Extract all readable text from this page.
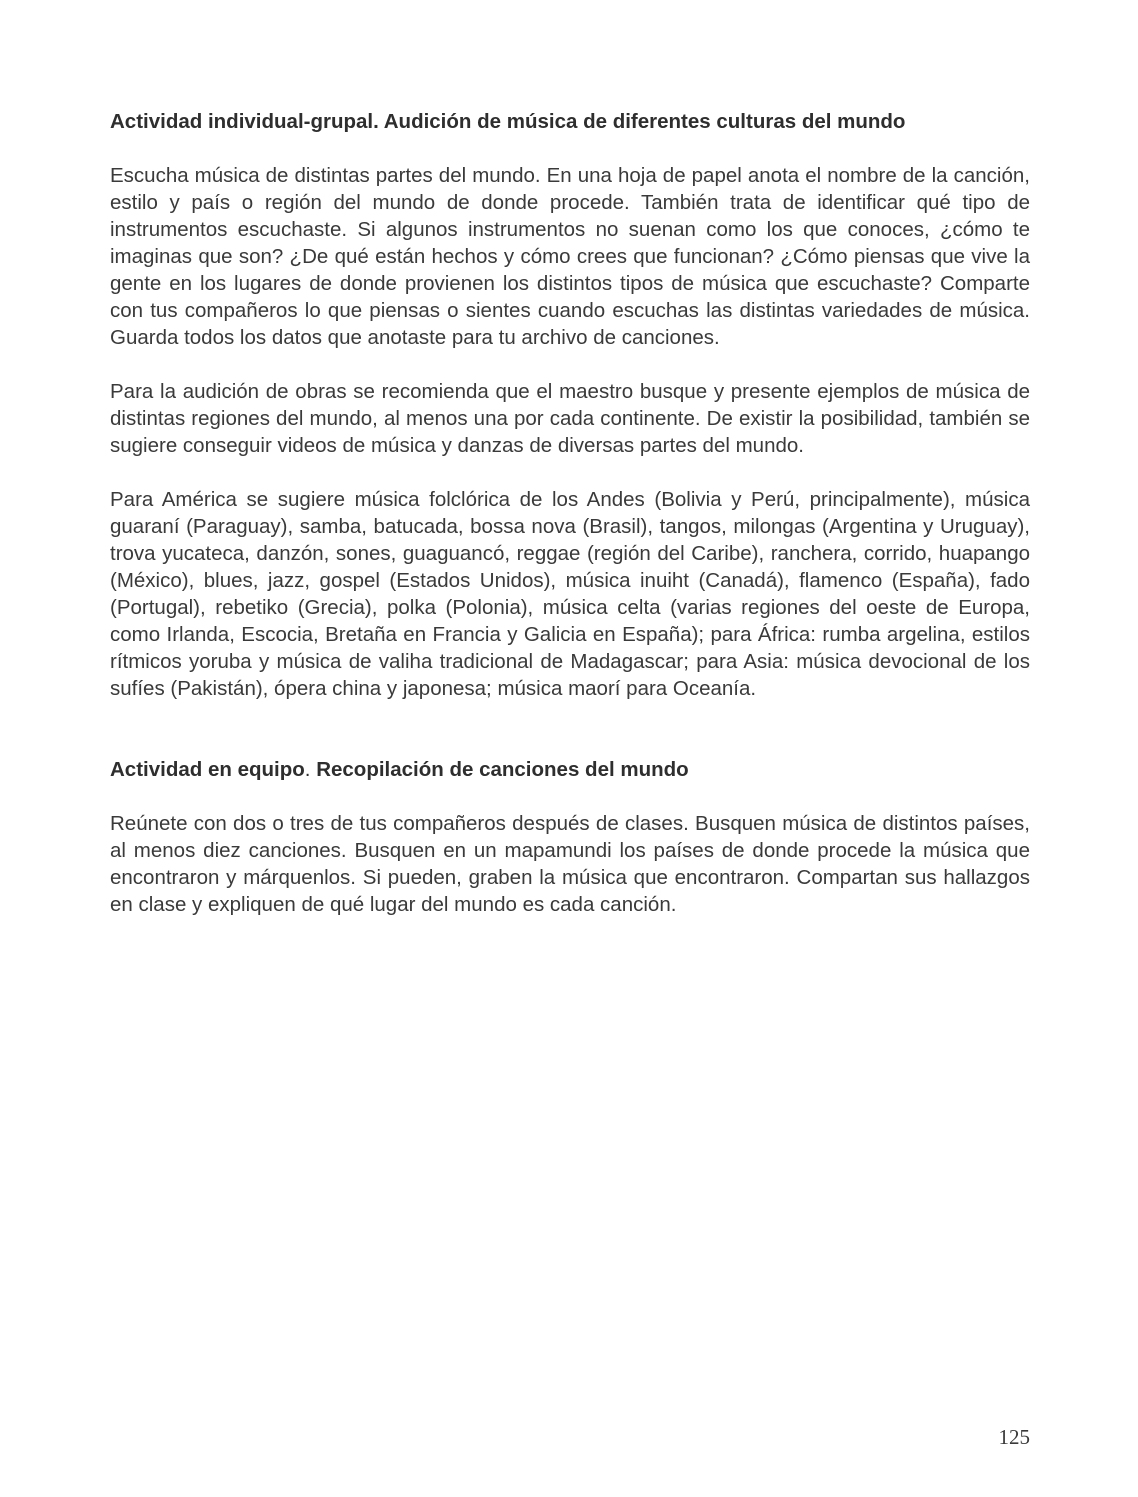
Actividad individual-grupal. Audición de música de diferentes culturas del mundo

Escucha música de distintas partes del mundo. En una hoja de papel anota el nombre de la canción, estilo y país o región del mundo de donde procede. También trata de identificar qué tipo de instrumentos escuchaste. Si algunos instrumentos no suenan como los que conoces, ¿cómo te imaginas que son? ¿De qué están hechos y cómo crees que funcionan? ¿Cómo piensas que vive la gente en los lugares de donde provienen los distintos tipos de música que escuchaste? Comparte con tus compañeros lo que piensas o sientes cuando escuchas las distintas variedades de música. Guarda todos los datos que anotaste para tu archivo de canciones.

Para la audición de obras se recomienda que el maestro busque y presente ejemplos de música de distintas regiones del mundo, al menos una por cada continente. De existir la posibilidad, también se sugiere conseguir videos de música y danzas de diversas partes del mundo.

Para América se sugiere música folclórica de los Andes (Bolivia y Perú, principalmente), música guaraní (Paraguay), samba, batucada, bossa nova (Brasil), tangos, milongas (Argentina y Uruguay), trova yucateca, danzón, sones, guaguancó, reggae (región del Caribe), ranchera, corrido, huapango (México), blues, jazz, gospel (Estados Unidos), música inuiht (Canadá), flamenco (España), fado (Portugal), rebetiko (Grecia), polka (Polonia), música celta (varias regiones del oeste de Europa, como Irlanda, Escocia, Bretaña en Francia y Galicia en España); para África: rumba argelina, estilos rítmicos yoruba y música de valiha tradicional de Madagascar; para Asia: música devocional de los sufíes (Pakistán), ópera china y japonesa; música maorí para Oceanía.

Actividad en equipo. Recopilación de canciones del mundo

Reúnete con dos o tres de tus compañeros después de clases. Busquen música de distintos países, al menos diez canciones. Busquen en un mapamundi los países de donde procede la música que encontraron y márquenlos. Si pueden, graben la música que encontraron. Compartan sus hallazgos en clase y expliquen de qué lugar del mundo es cada canción.

125
